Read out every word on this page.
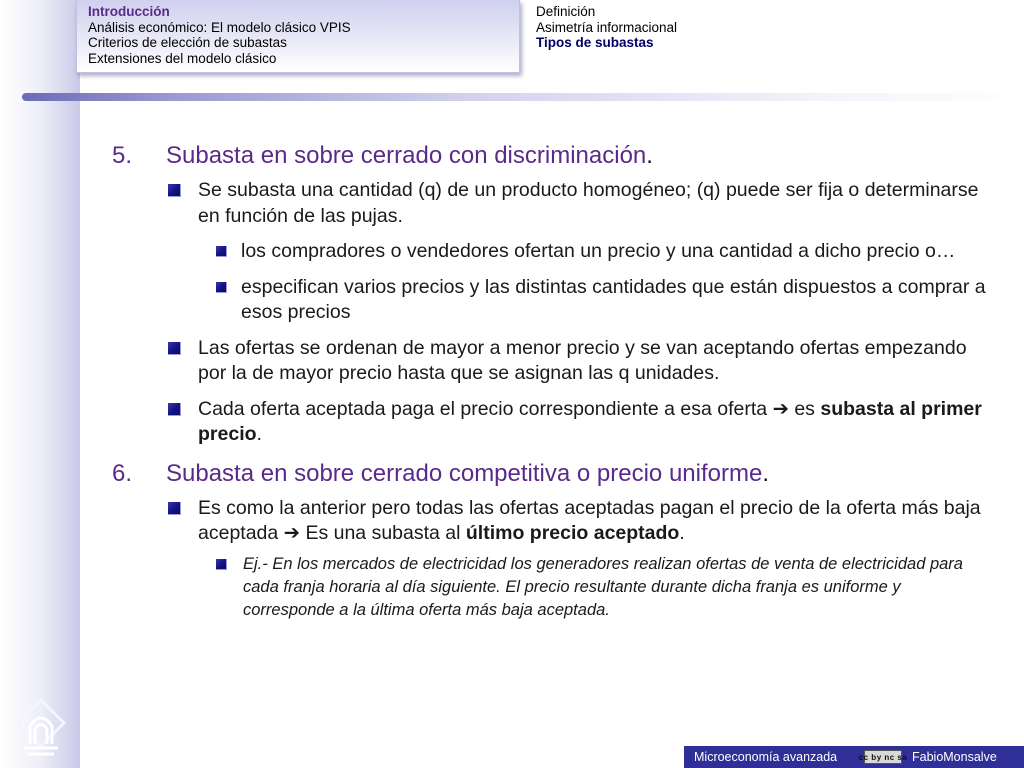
Introducción
Análisis económico: El modelo clásico VPIS
Criterios de elección de subastas
Extensiones del modelo clásico
Definición
Asimetría informacional
Tipos de subastas
5. Subasta en sobre cerrado con discriminación.
Se subasta una cantidad (q) de un producto homogéneo; (q) puede ser fija o determinarse en función de las pujas.
los compradores o vendedores ofertan un precio y una cantidad a dicho precio o…
especifican varios precios y las distintas cantidades que están dispuestos a comprar a esos precios
Las ofertas se ordenan de mayor a menor precio y se van aceptando ofertas empezando por la de mayor precio hasta que se asignan las q unidades.
Cada oferta aceptada paga el precio correspondiente a esa oferta ➔ es subasta al primer precio.
6. Subasta en sobre cerrado competitiva o precio uniforme.
Es como la anterior pero todas las ofertas aceptadas pagan el precio de la oferta más baja aceptada ➔ Es una subasta al último precio aceptado.
Ej.- En los mercados de electricidad los generadores realizan ofertas de venta de electricidad para cada franja horaria al día siguiente. El precio resultante durante dicha franja es uniforme y corresponde a la última oferta más baja aceptada.
Microeconomía avanzada	cc by nc sa FabioMonsalve
